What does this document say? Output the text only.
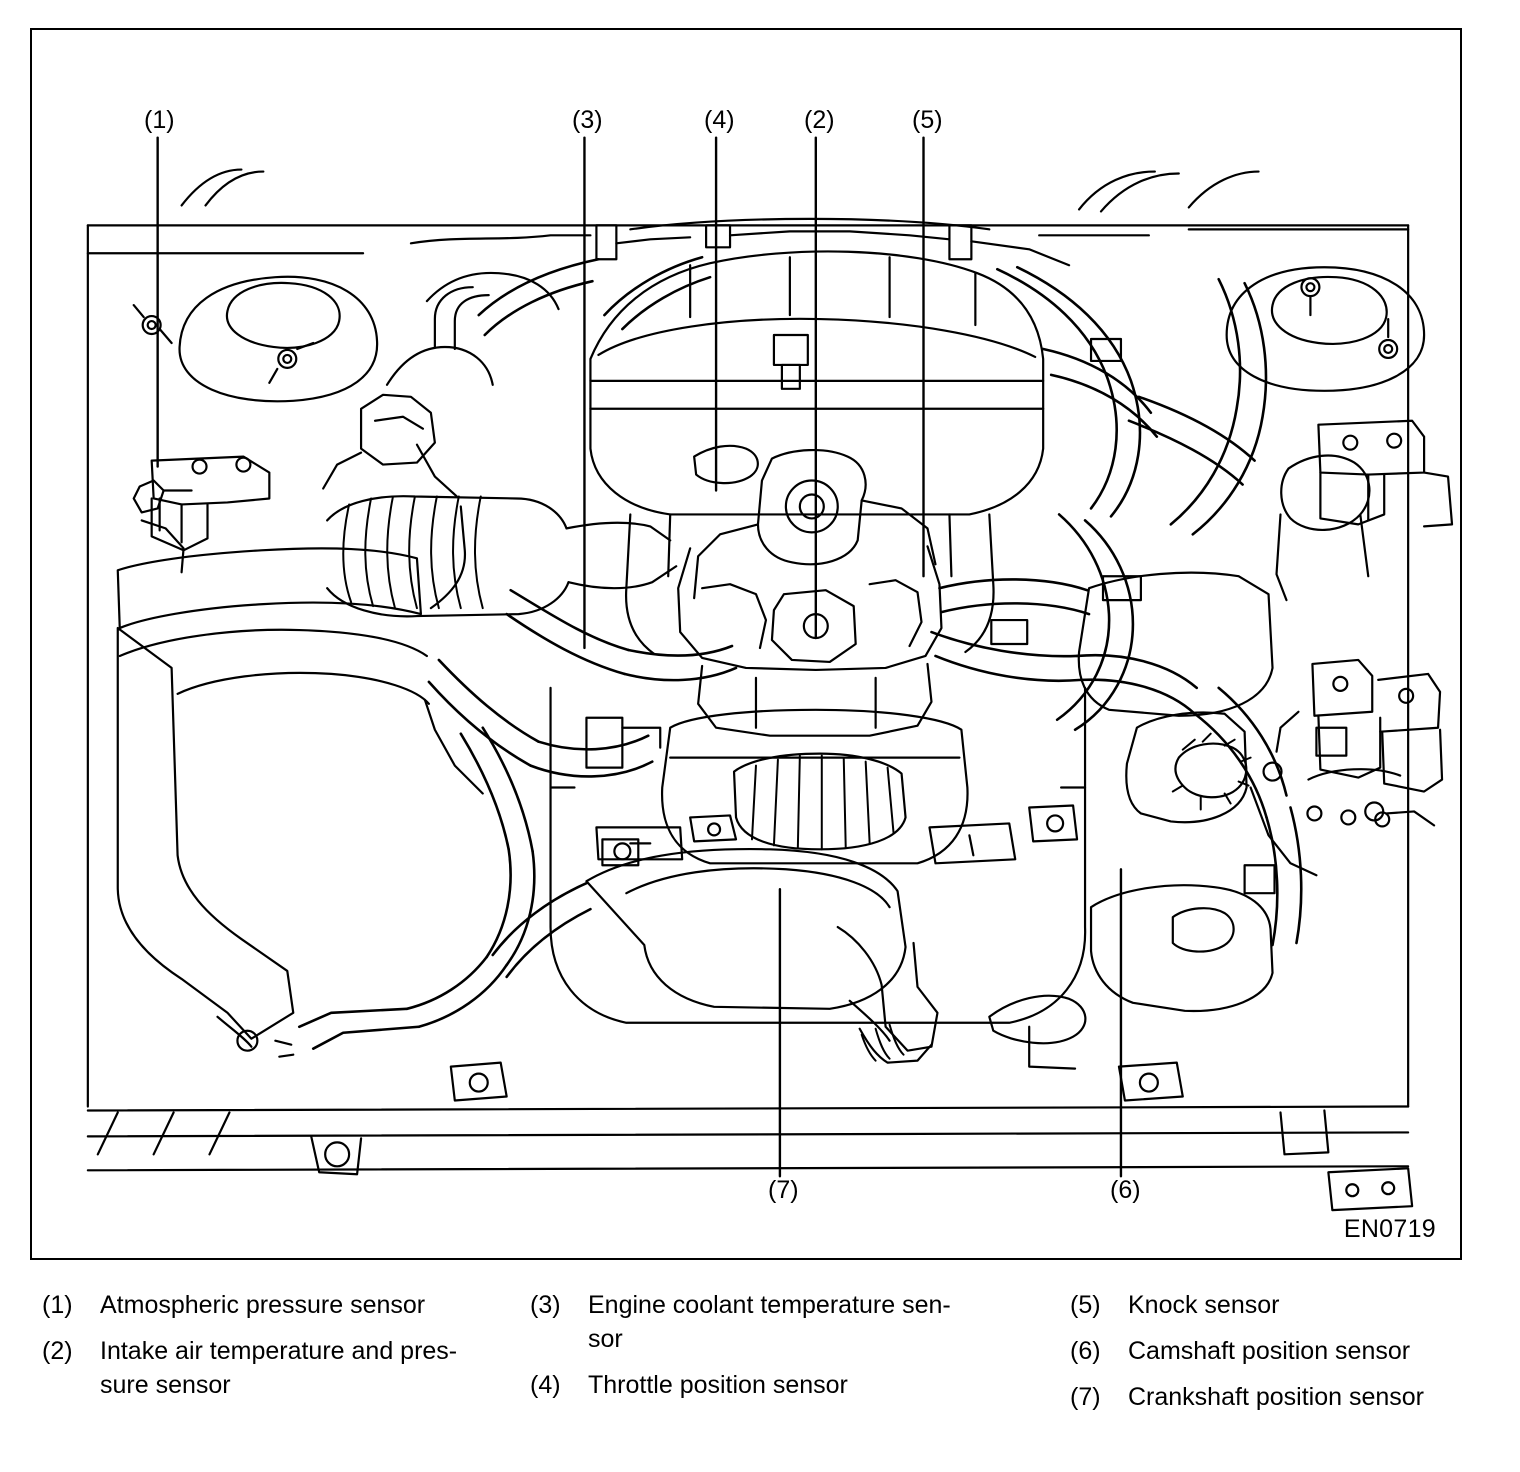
(1)	(3)	(4)	(2)	(5)
(7)	(6)
EN0719
(1)	Atmospheric pressure sensor
(2)	Intake air temperature and pres- sure sensor
(3)	Engine coolant temperature sen- sor
(4)	Throttle position sensor
(5)	Knock sensor
(6)	Camshaft position sensor
(7)	Crankshaft position sensor
